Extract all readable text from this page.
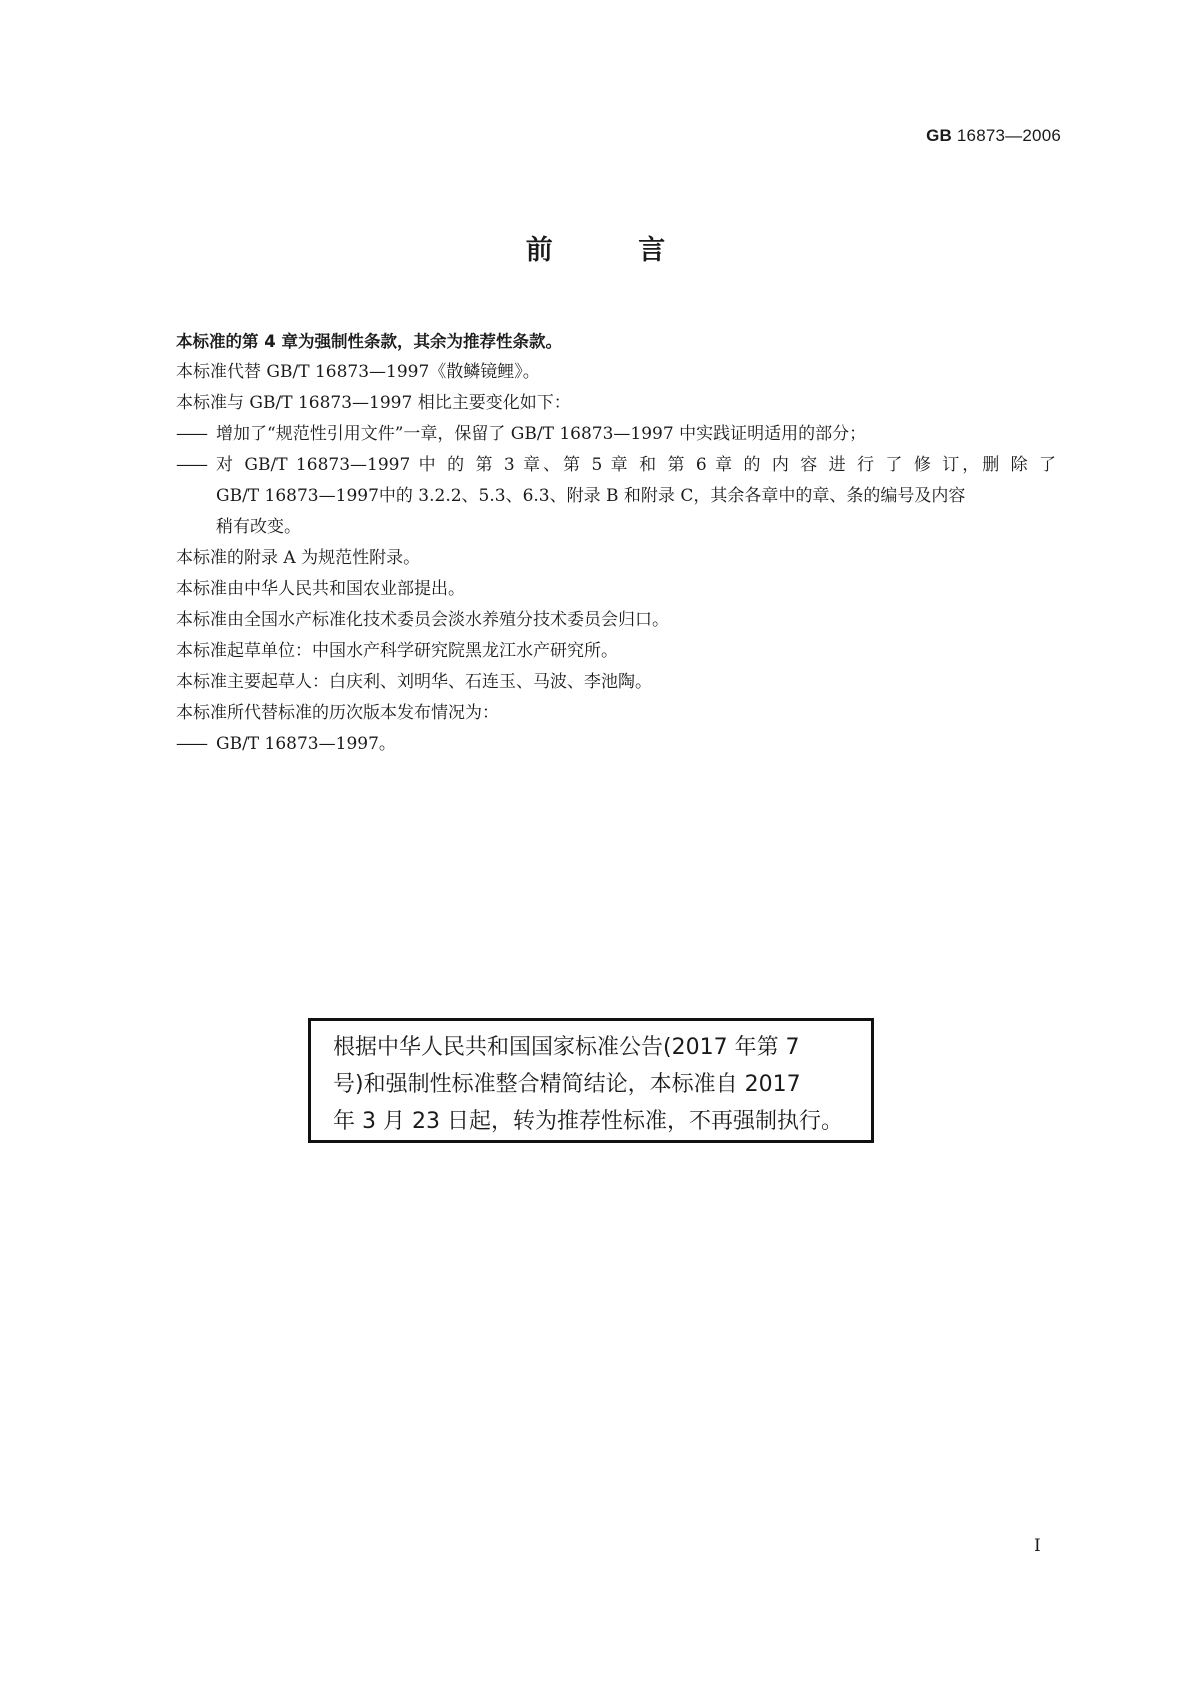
GB 16873—2006
前 言
本标准的第 4 章为强制性条款，其余为推荐性条款。
本标准代替 GB/T 16873—1997《散鳞镜鲤》。
本标准与 GB/T 16873—1997 相比主要变化如下：
—— 增加了“规范性引用文件”一章，保留了 GB/T 16873—1997 中实践证明适用的部分；
—— 对 GB/T 16873—1997 中 的 第 3 章、第 5 章 和 第 6 章 的 内 容 进 行 了 修 订，删 除 了
GB/T 16873—1997中的 3.2.2、5.3、6.3、附录 B 和附录 C，其余各章中的章、条的编号及内容
稍有改变。
本标准的附录 A 为规范性附录。
本标准由中华人民共和国农业部提出。
本标准由全国水产标准化技术委员会淡水养殖分技术委员会归口。
本标准起草单位：中国水产科学研究院黑龙江水产研究所。
本标准主要起草人：白庆利、刘明华、石连玉、马波、李池陶。
本标准所代替标准的历次版本发布情况为：
—— GB/T 16873—1997。
根据中华人民共和国国家标准公告(2017 年第 7
号)和强制性标准整合精简结论，本标准自 2017
年 3 月 23 日起，转为推荐性标准，不再强制执行。
I
